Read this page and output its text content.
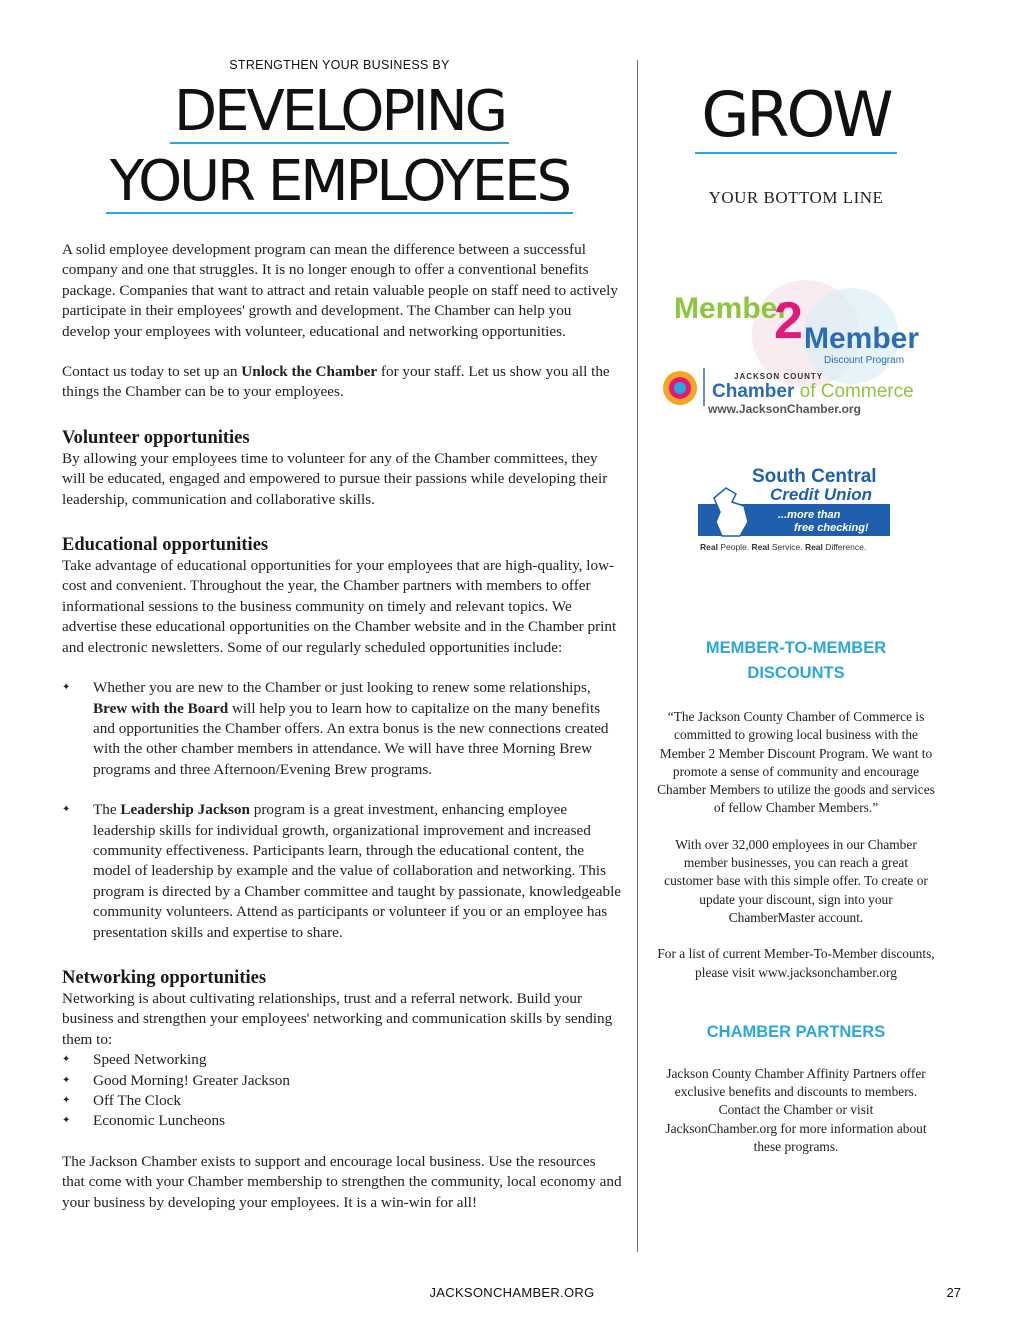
STRENGTHEN YOUR BUSINESS BY
DEVELOPING
YOUR EMPLOYEES

A solid employee development program can mean the difference between a successful company and one that struggles. It is no longer enough to offer a conventional benefits package. Companies that want to attract and retain valuable people on staff need to actively participate in their employees' growth and development. The Chamber can help you develop your employees with volunteer, educational and networking opportunities.

Contact us today to set up an Unlock the Chamber for your staff. Let us show you all the things the Chamber can be to your employees.

Volunteer opportunities

By allowing your employees time to volunteer for any of the Chamber committees, they will be educated, engaged and empowered to pursue their passions while developing their leadership, communication and collaborative skills.

Educational opportunities

Take advantage of educational opportunities for your employees that are high-quality, low-cost and convenient. Throughout the year, the Chamber partners with members to offer informational sessions to the business community on timely and relevant topics. We advertise these educational opportunities on the Chamber website and in the Chamber print and electronic newsletters. Some of our regularly scheduled opportunities include:

✦ Whether you are new to the Chamber or just looking to renew some relationships, Brew with the Board will help you to learn how to capitalize on the many benefits and opportunities the Chamber offers. An extra bonus is the new connections created with the other chamber members in attendance. We will have three Morning Brew programs and three Afternoon/Evening Brew programs.
✦ The Leadership Jackson program is a great investment, enhancing employee leadership skills for individual growth, organizational improvement and increased community effectiveness. Participants learn, through the educational content, the model of leadership by example and the value of collaboration and networking. This program is directed by a Chamber committee and taught by passionate, knowledgeable community volunteers. Attend as participants or volunteer if you or an employee has presentation skills and expertise to share.
Networking opportunities

Networking is about cultivating relationships, trust and a referral network. Build your business and strengthen your employees' networking and communication skills by sending them to:

✦ Speed Networking
✦ Good Morning! Greater Jackson
✦ Off The Clock
✦ Economic Luncheons

The Jackson Chamber exists to support and encourage local business. Use the resources that come with your Chamber membership to strengthen the community, local economy and your business by developing your employees. It is a win-win for all!

GROW
YOUR BOTTOM LINE
Member
2 Member
Discount Program
JACKSON COUNTY
Chamber of Commerce
www.JacksonChamber.org
South Central
Credit Union
...more than
free checking!
Real People. Real Service. Real Difference.
MEMBER-TO-MEMBER
DISCOUNTS

“The Jackson County Chamber of Commerce is committed to growing local business with the Member 2 Member Discount Program. We want to promote a sense of community and encourage Chamber Members to utilize the goods and services of fellow Chamber Members.”

With over 32,000 employees in our Chamber member businesses, you can reach a great customer base with this simple offer. To create or update your discount, sign into your ChamberMaster account.

For a list of current Member-To-Member discounts, please visit www.jacksonchamber.org

CHAMBER PARTNERS

Jackson County Chamber Affinity Partners offer exclusive benefits and discounts to members. Contact the Chamber or visit JacksonChamber.org for more information about these programs.

JACKSONCHAMBER.ORG	27
